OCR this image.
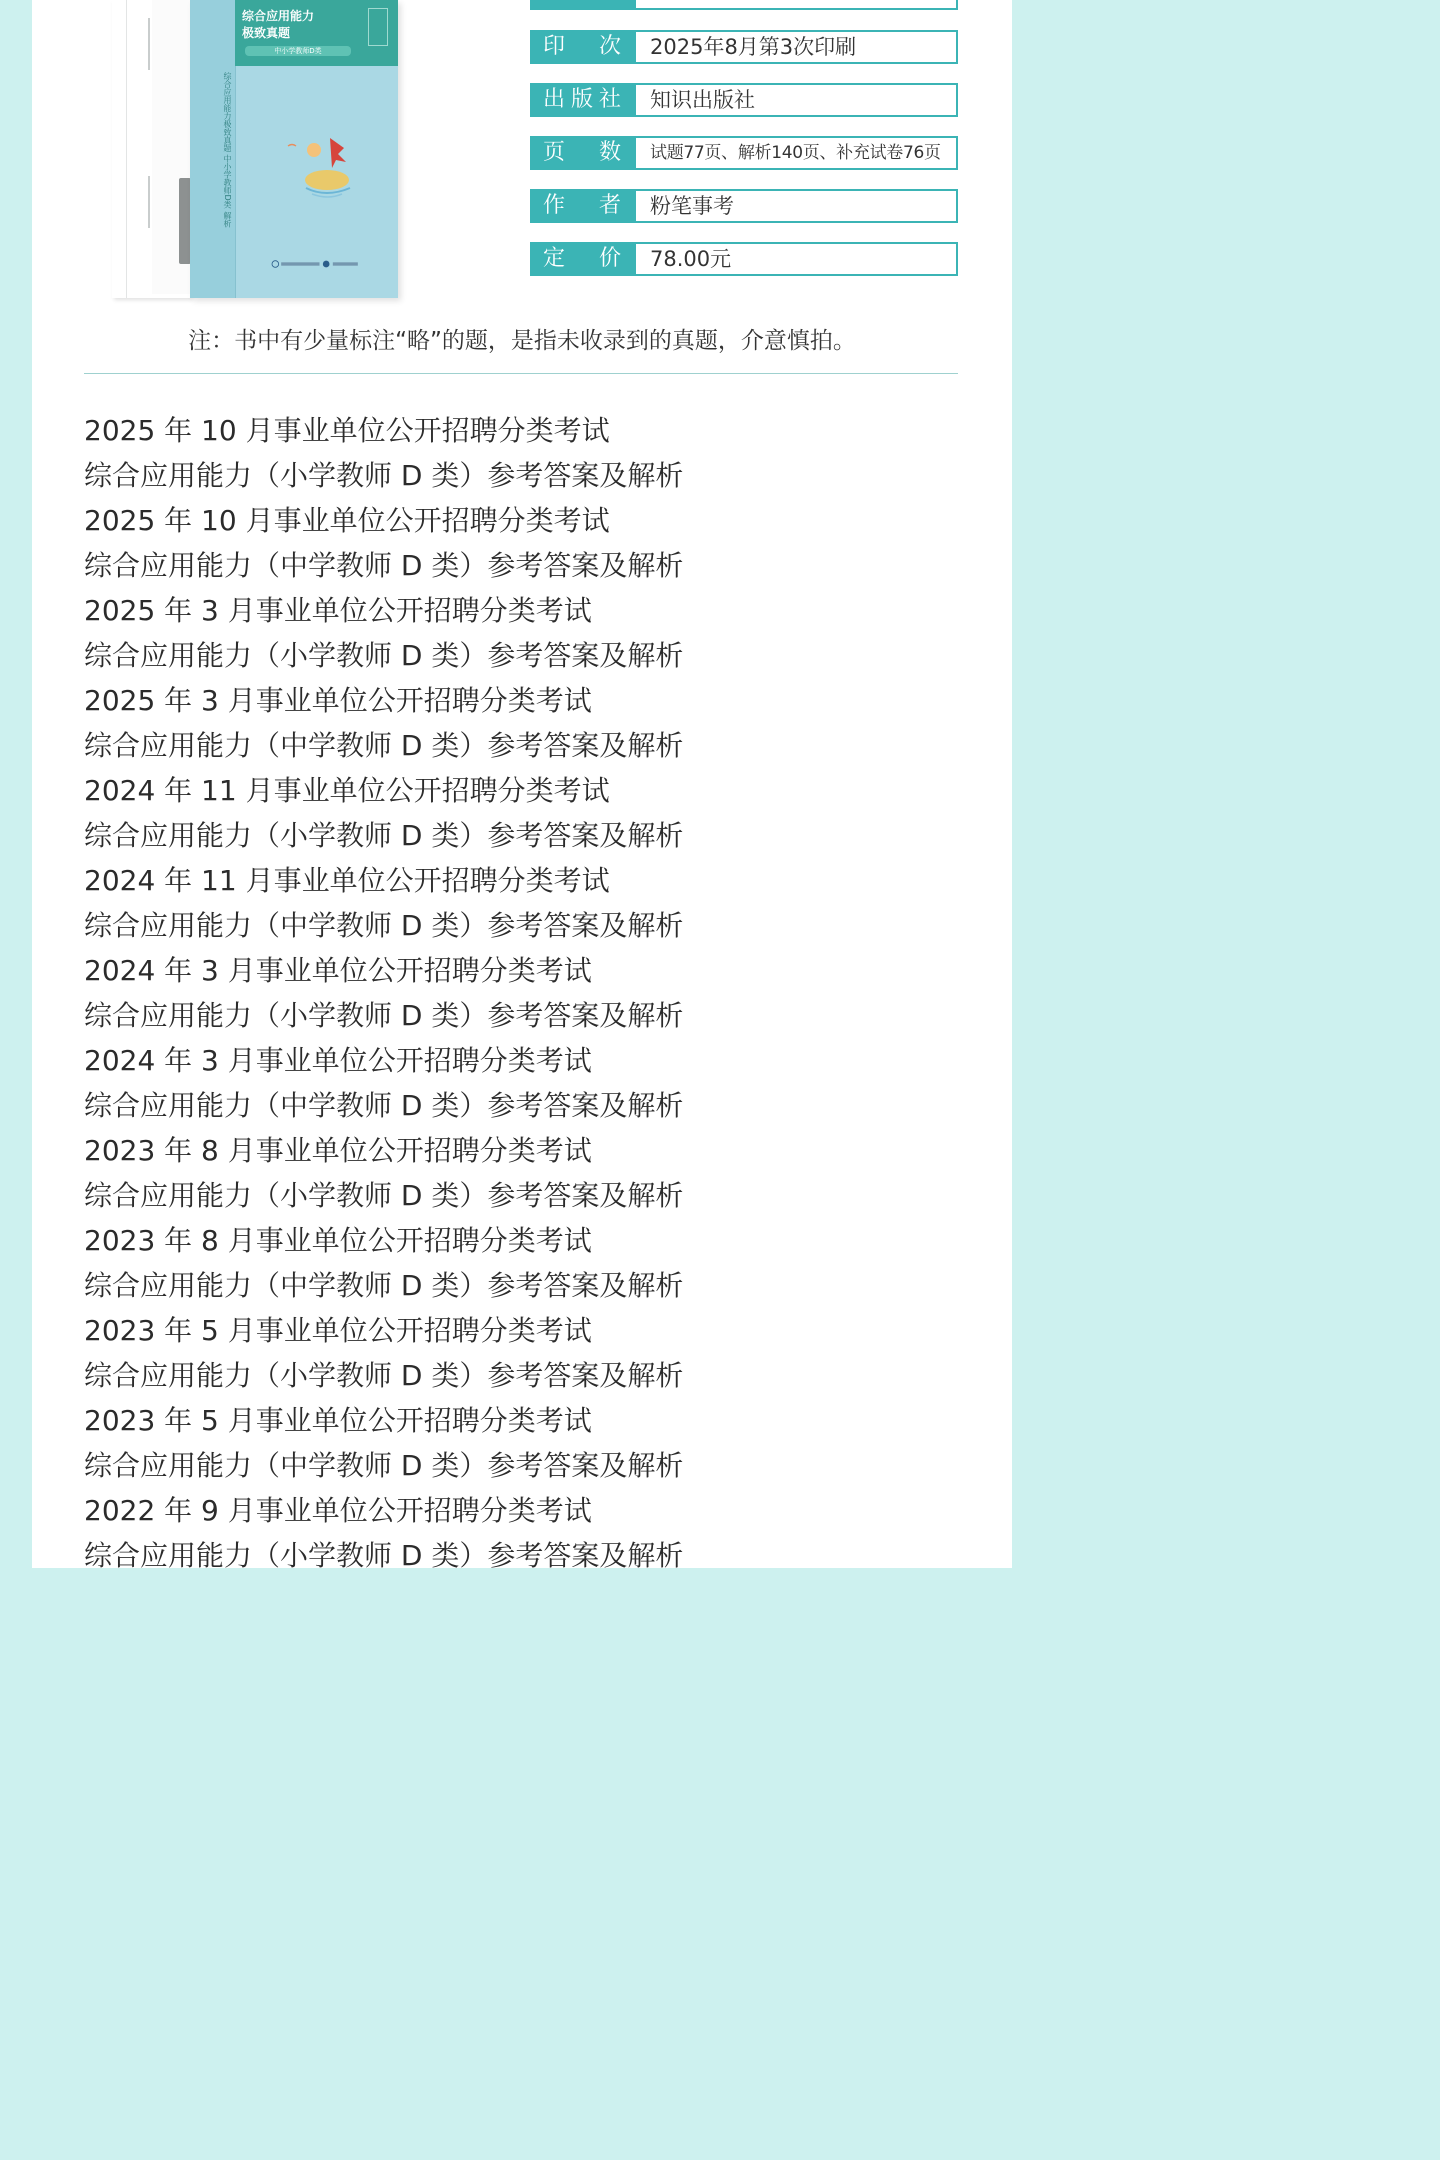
综合应用能力
极致真题
中小学教师D类
综合应用能力极致真题 中小学教师D类 解析
印 次	2025年8月第3次印刷
出 版 社	知识出版社
页 数	试题77页、解析140页、补充试卷76页
作 者	粉笔事考
定 价	78.00元
注：书中有少量标注“略”的题，是指未收录到的真题，介意慎拍。
2025 年 10 月事业单位公开招聘分类考试
综合应用能力（小学教师 D 类）参考答案及解析
2025 年 10 月事业单位公开招聘分类考试
综合应用能力（中学教师 D 类）参考答案及解析
2025 年 3 月事业单位公开招聘分类考试
综合应用能力（小学教师 D 类）参考答案及解析
2025 年 3 月事业单位公开招聘分类考试
综合应用能力（中学教师 D 类）参考答案及解析
2024 年 11 月事业单位公开招聘分类考试
综合应用能力（小学教师 D 类）参考答案及解析
2024 年 11 月事业单位公开招聘分类考试
综合应用能力（中学教师 D 类）参考答案及解析
2024 年 3 月事业单位公开招聘分类考试
综合应用能力（小学教师 D 类）参考答案及解析
2024 年 3 月事业单位公开招聘分类考试
综合应用能力（中学教师 D 类）参考答案及解析
2023 年 8 月事业单位公开招聘分类考试
综合应用能力（小学教师 D 类）参考答案及解析
2023 年 8 月事业单位公开招聘分类考试
综合应用能力（中学教师 D 类）参考答案及解析
2023 年 5 月事业单位公开招聘分类考试
综合应用能力（小学教师 D 类）参考答案及解析
2023 年 5 月事业单位公开招聘分类考试
综合应用能力（中学教师 D 类）参考答案及解析
2022 年 9 月事业单位公开招聘分类考试
综合应用能力（小学教师 D 类）参考答案及解析
